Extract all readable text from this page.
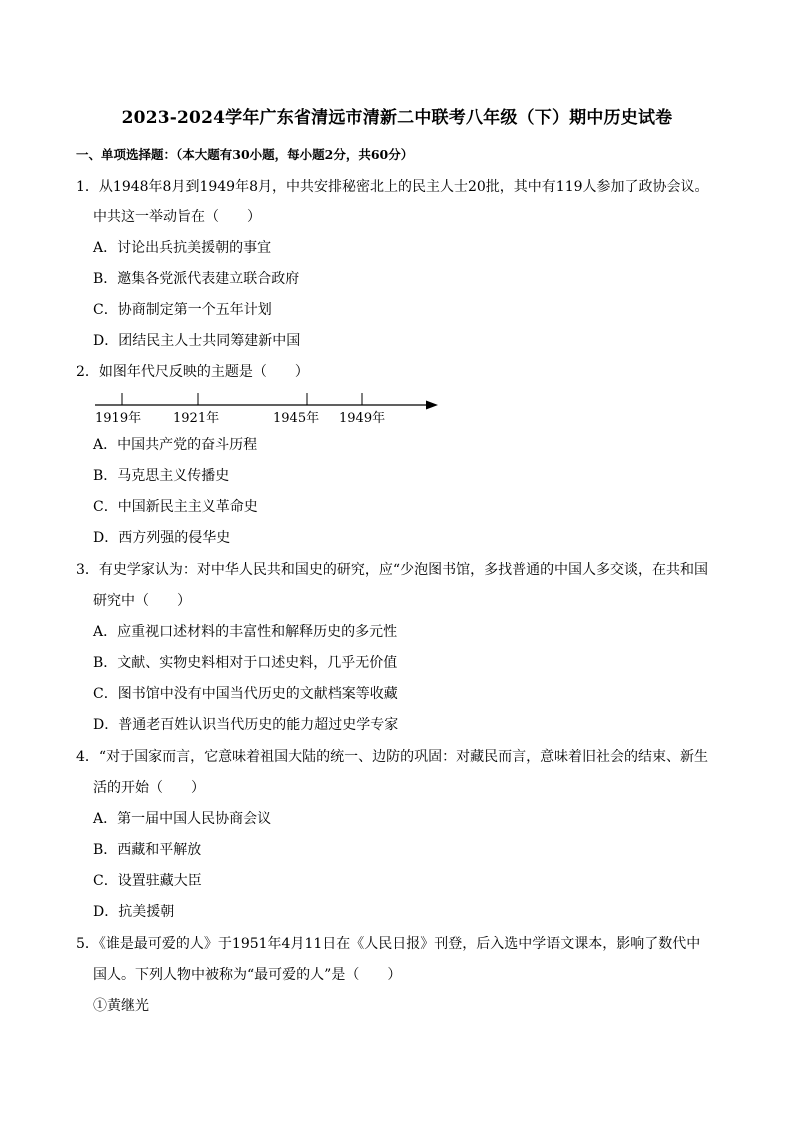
2023-2024学年广东省清远市清新二中联考八年级（下）期中历史试卷
一、单项选择题：（本大题有30小题，每小题2分，共60分）
1．从1948年8月到1949年8月，中共安排秘密北上的民主人士20批，其中有119人参加了政协会议。
中共这一举动旨在（　　）
A．讨论出兵抗美援朝的事宜
B．邀集各党派代表建立联合政府
C．协商制定第一个五年计划
D．团结民主人士共同筹建新中国
2．如图年代尺反映的主题是（　　）
1919年 1921年	1945年 1949年
A．中国共产党的奋斗历程
B．马克思主义传播史
C．中国新民主主义革命史
D．西方列强的侵华史
3．有史学家认为：对中华人民共和国史的研究，应“少泡图书馆，多找普通的中国人多交谈，在共和国
研究中（　　）
A．应重视口述材料的丰富性和解释历史的多元性
B．文献、实物史料相对于口述史料，几乎无价值
C．图书馆中没有中国当代历史的文献档案等收藏
D．普通老百姓认识当代历史的能力超过史学专家
4．“对于国家而言，它意味着祖国大陆的统一、边防的巩固：对藏民而言，意味着旧社会的结束、新生
活的开始（　　）
A．第一届中国人民协商会议
B．西藏和平解放
C．设置驻藏大臣
D．抗美援朝
5．《谁是最可爱的人》于1951年4月11日在《人民日报》刊登，后入选中学语文课本，影响了数代中
国人。下列人物中被称为“最可爱的人”是（　　）
①黄继光
